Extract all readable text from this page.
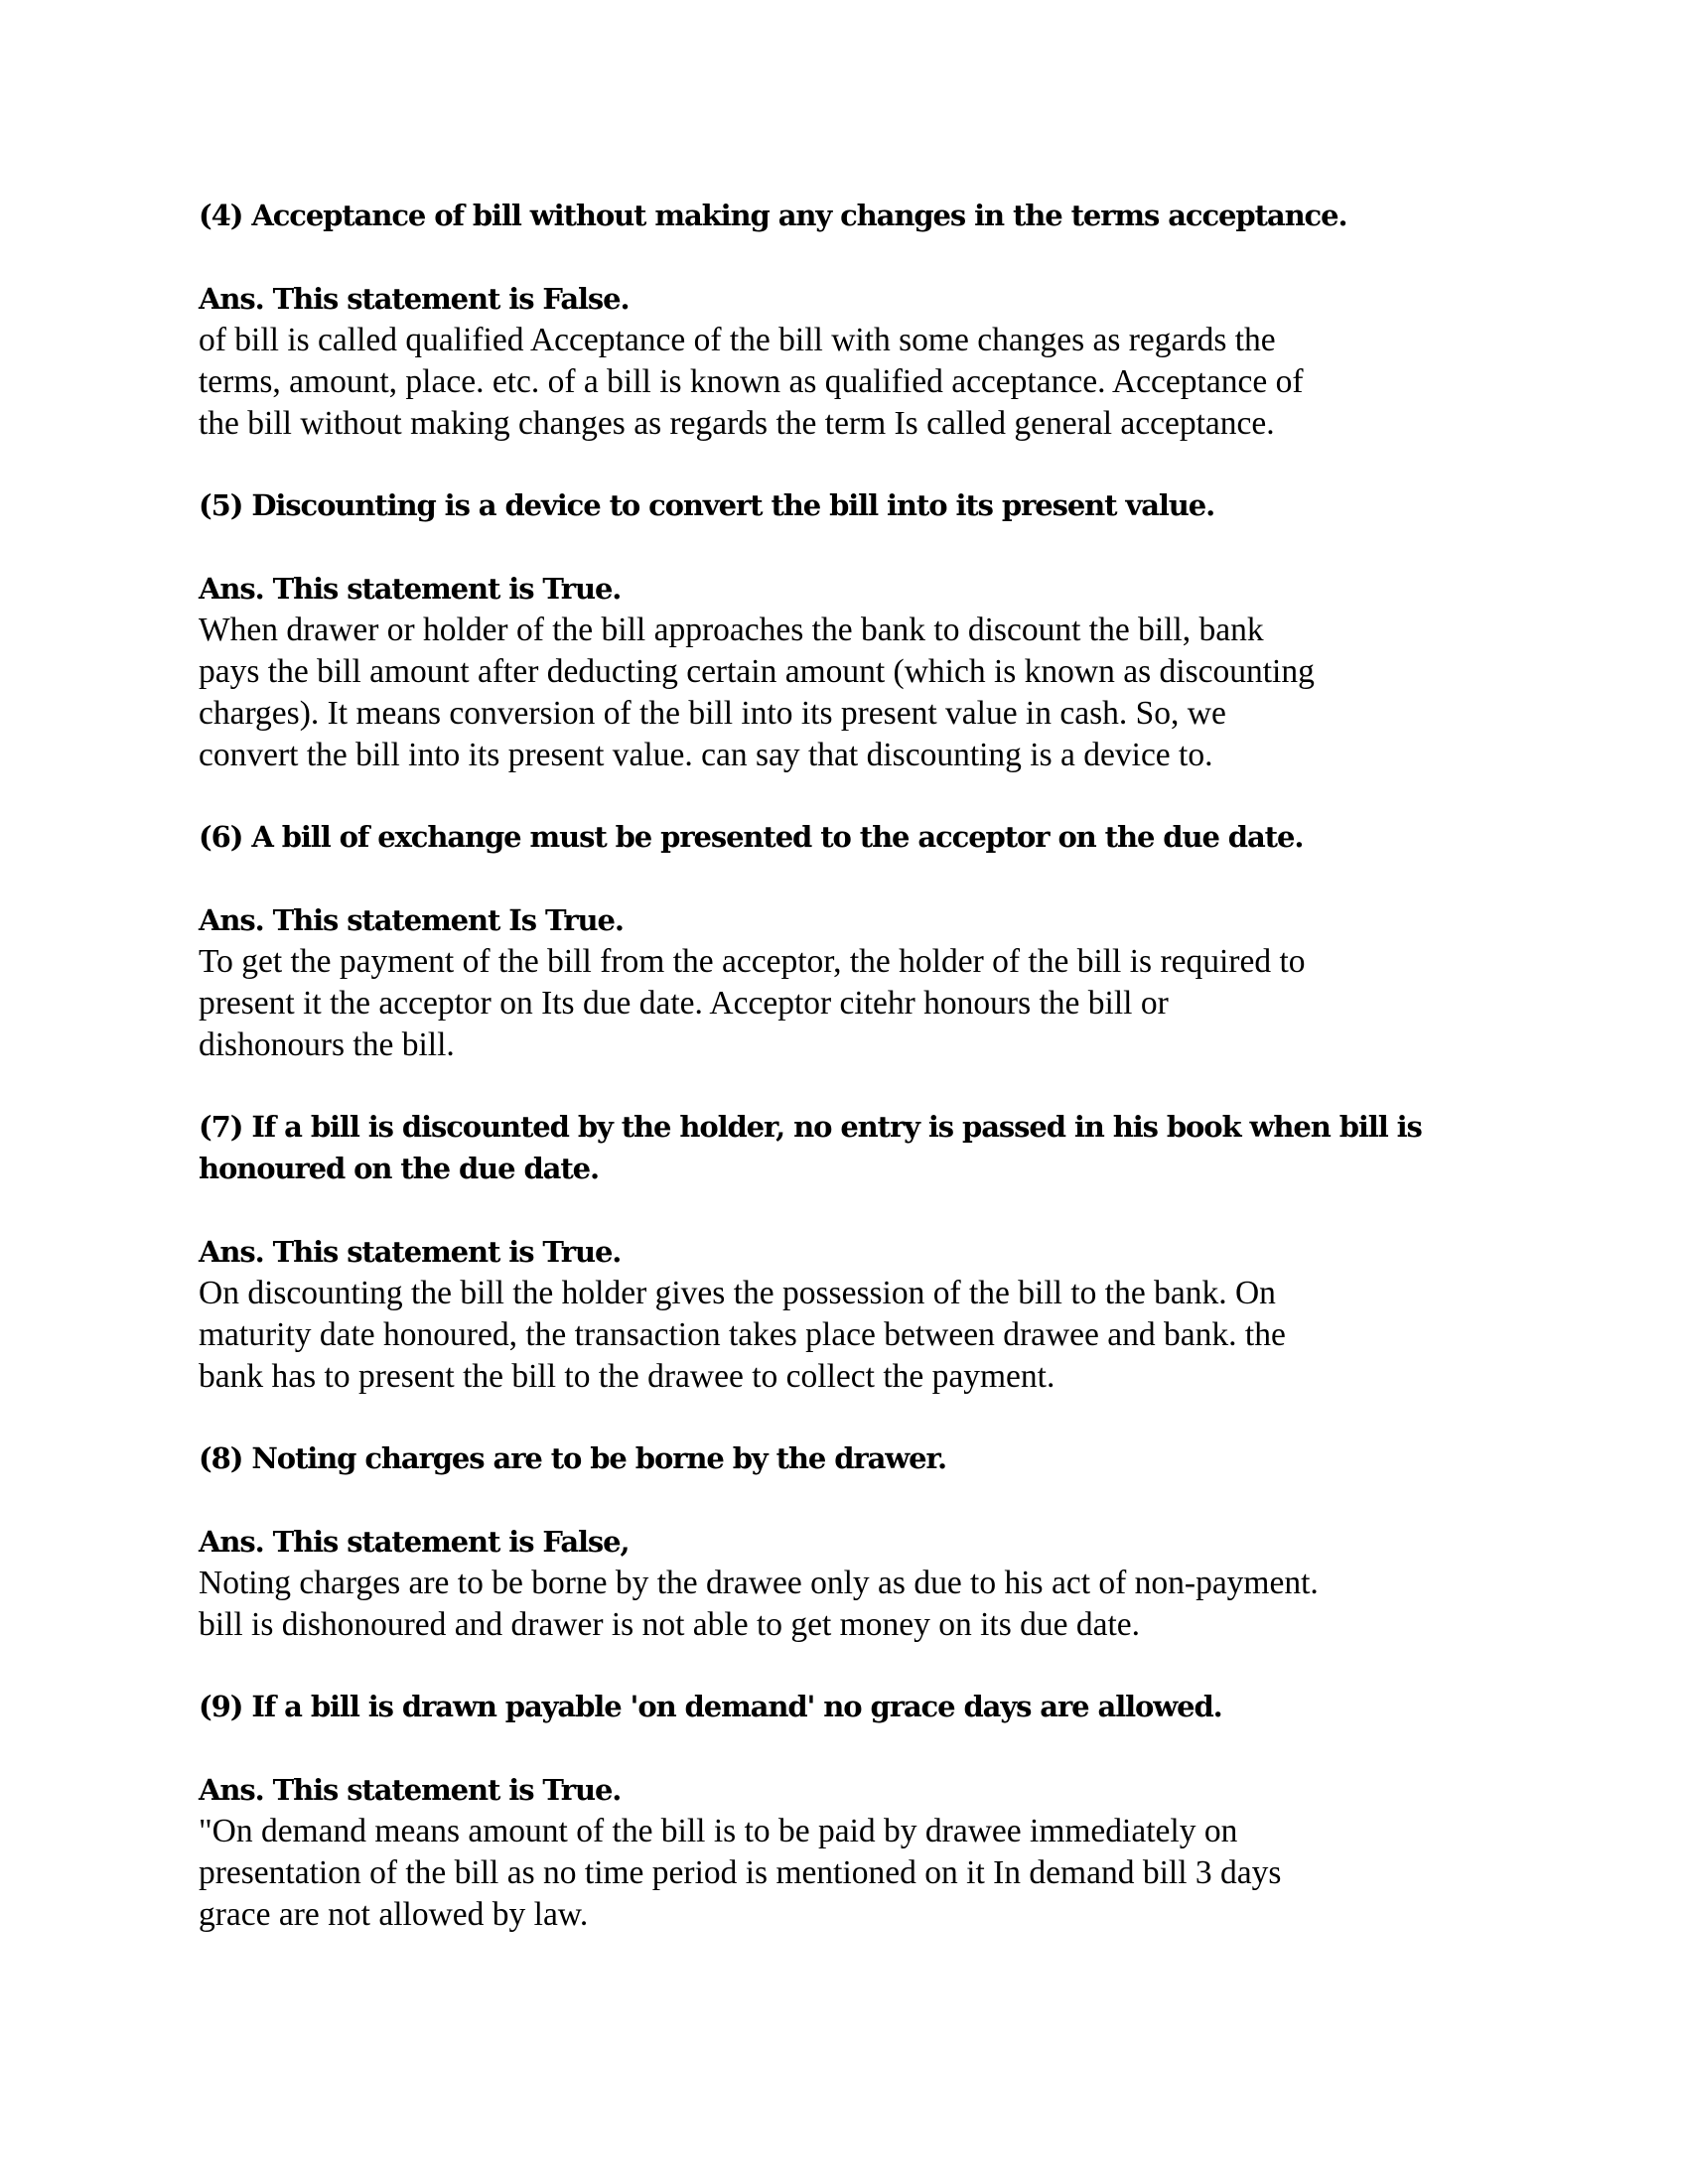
(4) Acceptance of bill without making any changes in the terms acceptance.

Ans. This statement is False.

of bill is called qualified Acceptance of the bill with some changes as regards the
terms, amount, place. etc. of a bill is known as qualified acceptance. Acceptance of
the bill without making changes as regards the term Is called general acceptance.

(5) Discounting is a device to convert the bill into its present value.

Ans. This statement is True.

When drawer or holder of the bill approaches the bank to discount the bill, bank
pays the bill amount after deducting certain amount (which is known as discounting
charges). It means conversion of the bill into its present value in cash. So, we
convert the bill into its present value. can say that discounting is a device to.

(6) A bill of exchange must be presented to the acceptor on the due date.

Ans. This statement Is True.

To get the payment of the bill from the acceptor, the holder of the bill is required to
present it the acceptor on Its due date. Acceptor citehr honours the bill or
dishonours the bill.

(7) If a bill is discounted by the holder, no entry is passed in his book when bill is
honoured on the due date.

Ans. This statement is True.

On discounting the bill the holder gives the possession of the bill to the bank. On
maturity date honoured, the transaction takes place between drawee and bank. the
bank has to present the bill to the drawee to collect the payment.

(8) Noting charges are to be borne by the drawer.

Ans. This statement is False,

Noting charges are to be borne by the drawee only as due to his act of non-payment.
bill is dishonoured and drawer is not able to get money on its due date.

(9) If a bill is drawn payable 'on demand' no grace days are allowed.

Ans. This statement is True.

"On demand means amount of the bill is to be paid by drawee immediately on
presentation of the bill as no time period is mentioned on it In demand bill 3 days
grace are not allowed by law.
